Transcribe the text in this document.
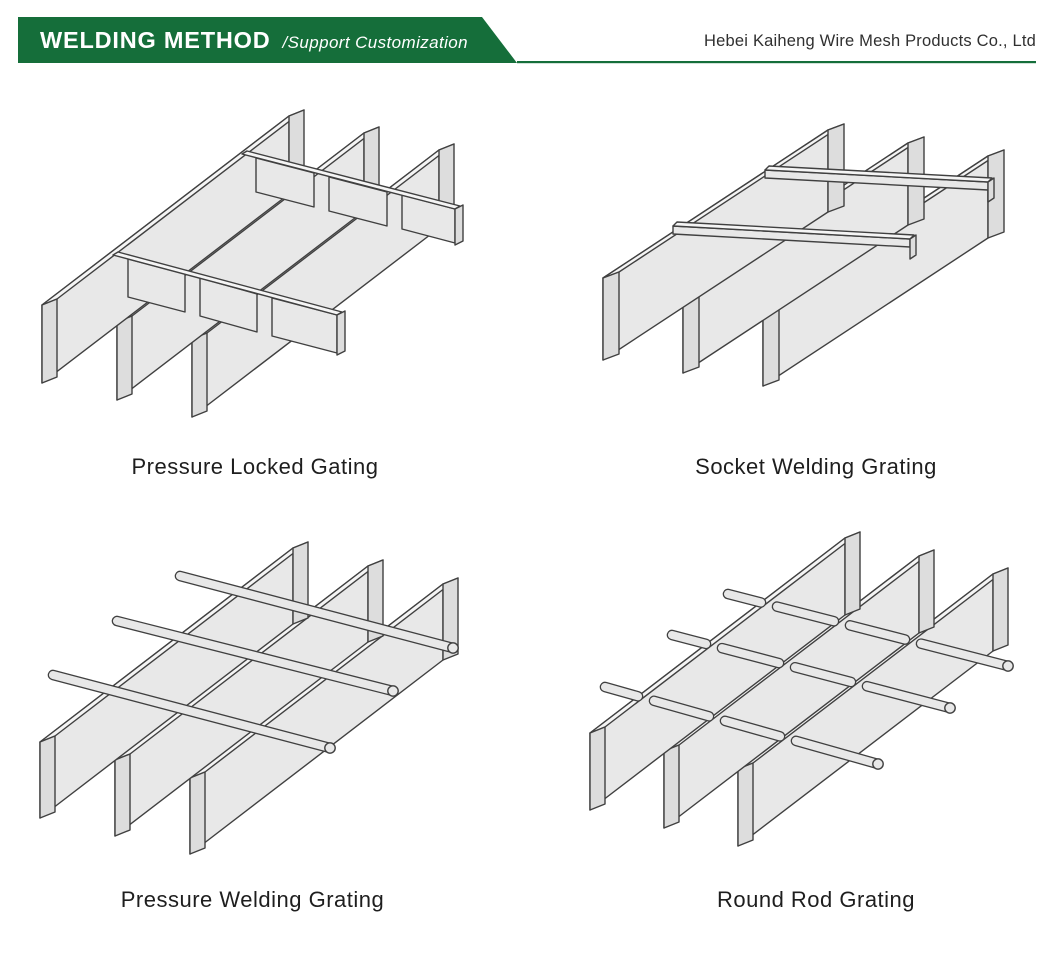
WELDING METHOD /Support Customization	Hebei Kaiheng Wire Mesh Products Co., Ltd
Pressure Locked Gating	Socket Welding Grating
Pressure Welding Grating	Round Rod Grating
